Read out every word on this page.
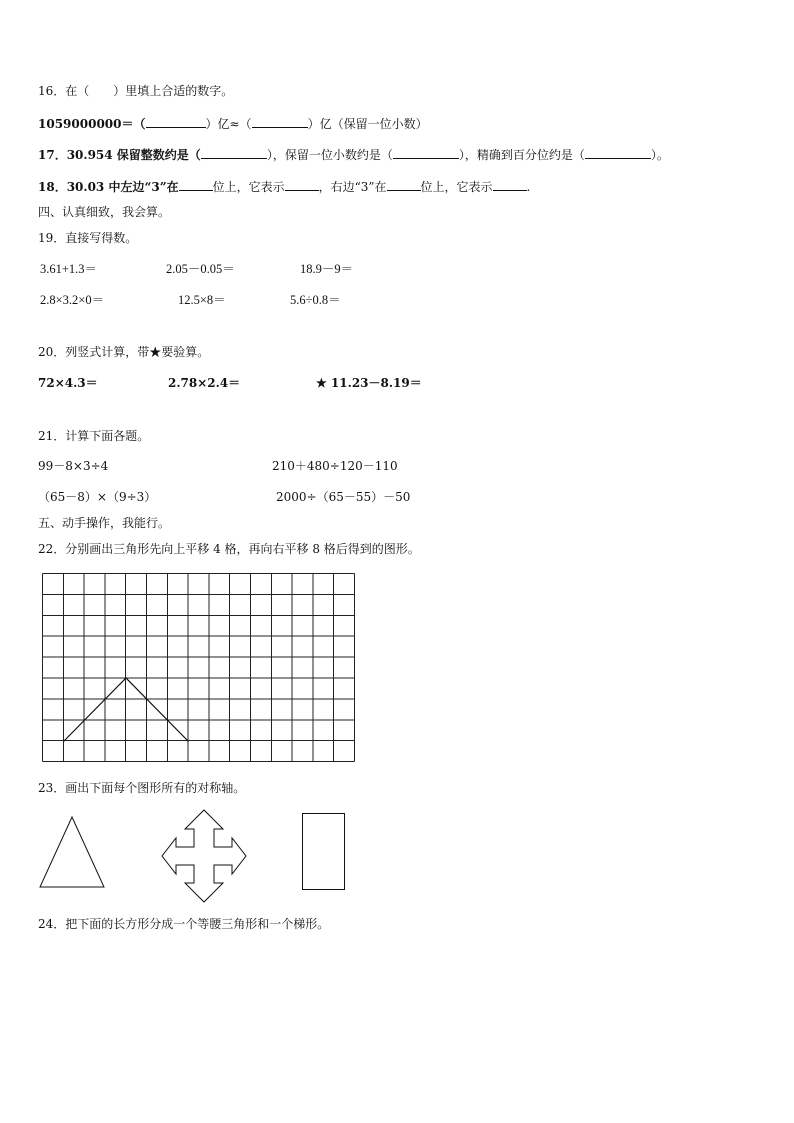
16．在（　　）里填上合适的数字。
1059000000＝（	）亿≈（	）亿（保留一位小数）
17．30.954 保留整数约是（	），保留一位小数约是（	），精确到百分位约是（	）。
18．30.03 中左边“3”在	位上，它表示	，右边“3”在	位上，它表示	.
四、认真细致，我会算。
19．直接写得数。
3.61+1.3＝	2.05－0.05＝	18.9－9＝
2.8×3.2×0＝	12.5×8＝	5.6÷0.8＝
20．列竖式计算，带★要验算。
72×4.3＝	2.78×2.4＝	★ 11.23－8.19＝
21．计算下面各题。
99－8×3÷4	210＋480÷120－110
（65－8）×（9÷3）	2000÷（65－55）－50
五、动手操作，我能行。
22．分别画出三角形先向上平移 4 格，再向右平移 8 格后得到的图形。
23．画出下面每个图形所有的对称轴。
24．把下面的长方形分成一个等腰三角形和一个梯形。
